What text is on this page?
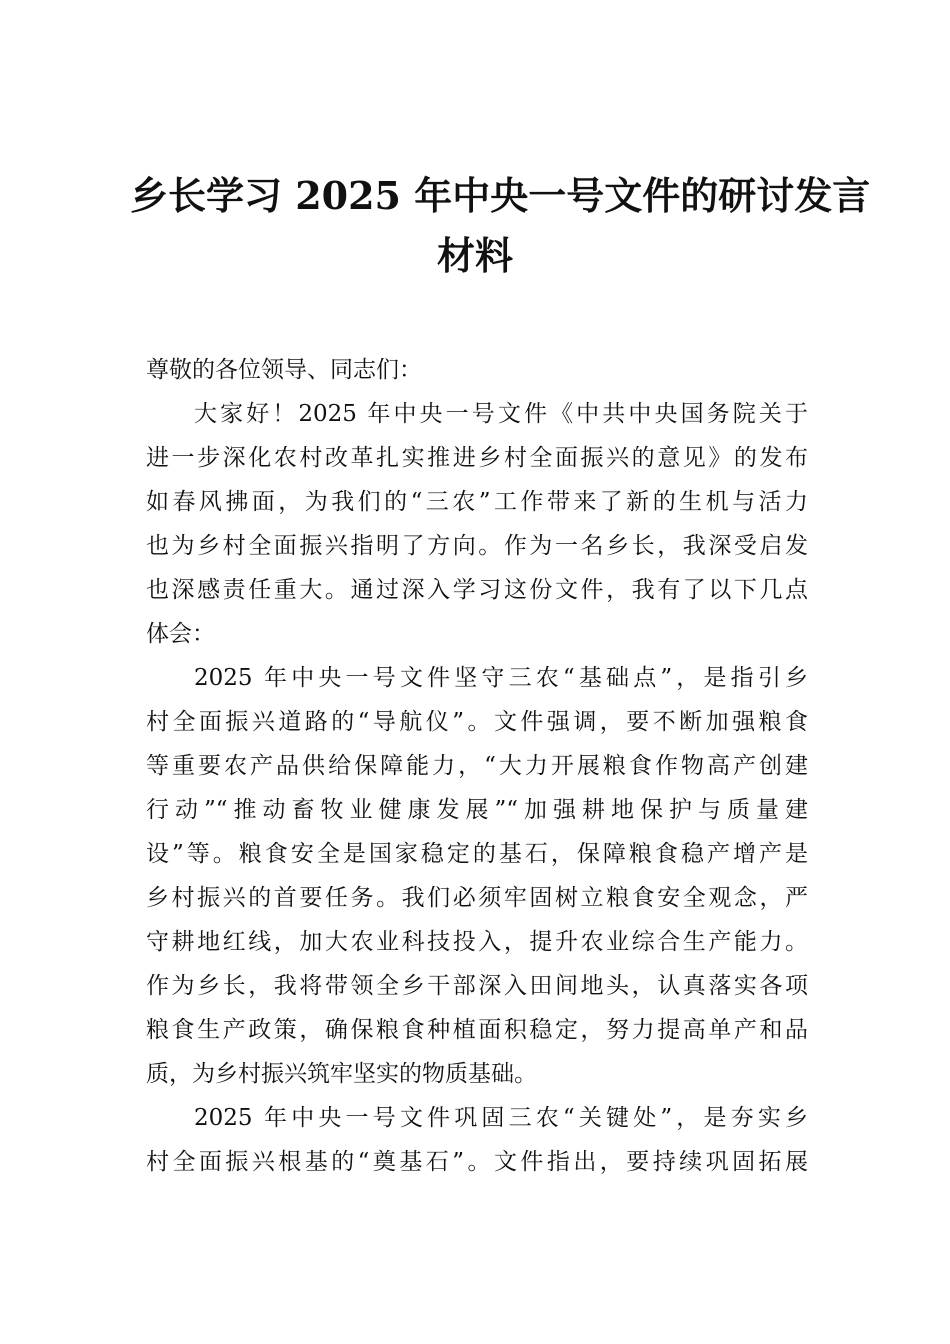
乡长学习 2025 年中央一号文件的研讨发言
材料
尊敬的各位领导、同志们：
大家好！2025 年中央一号文件《中共中央国务院关于
进一步深化农村改革扎实推进乡村全面振兴的意见》的发布
如春风拂面，为我们的“三农”工作带来了新的生机与活力
也为乡村全面振兴指明了方向。作为一名乡长，我深受启发
也深感责任重大。通过深入学习这份文件，我有了以下几点
体会：
2025 年中央一号文件坚守三农“基础点”，是指引乡
村全面振兴道路的“导航仪”。文件强调，要不断加强粮食
等重要农产品供给保障能力，“大力开展粮食作物高产创建
行动”“推动畜牧业健康发展”“加强耕地保护与质量建
设”等。粮食安全是国家稳定的基石，保障粮食稳产增产是
乡村振兴的首要任务。我们必须牢固树立粮食安全观念，严
守耕地红线，加大农业科技投入，提升农业综合生产能力。
作为乡长，我将带领全乡干部深入田间地头，认真落实各项
粮食生产政策，确保粮食种植面积稳定，努力提高单产和品
质，为乡村振兴筑牢坚实的物质基础。
2025 年中央一号文件巩固三农“关键处”，是夯实乡
村全面振兴根基的“奠基石”。文件指出，要持续巩固拓展
